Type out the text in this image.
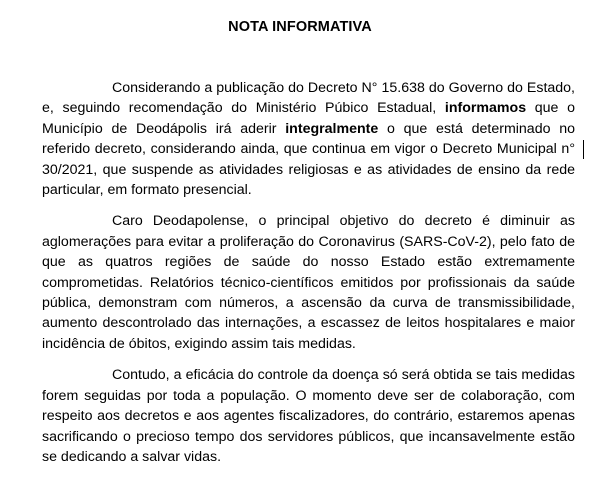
NOTA INFORMATIVA

Considerando a publicação do Decreto N° 15.638 do Governo do Estado, e, seguindo recomendação do Ministério Púbico Estadual, informamos que o Município de Deodápolis irá aderir integralmente o que está determinado no referido decreto, considerando ainda, que continua em vigor o Decreto Municipal n° 30/2021, que suspende as atividades religiosas e as atividades de ensino da rede particular, em formato presencial.

Caro Deodapolense, o principal objetivo do decreto é diminuir as aglomerações para evitar a proliferação do Coronavirus (SARS-CoV-2), pelo fato de que as quatros regiões de saúde do nosso Estado estão extremamente comprometidas. Relatórios técnico-científicos emitidos por profissionais da saúde pública, demonstram com números, a ascensão da curva de transmissibilidade, aumento descontrolado das internações, a escassez de leitos hospitalares e maior incidência de óbitos, exigindo assim tais medidas.

Contudo, a eficácia do controle da doença só será obtida se tais medidas forem seguidas por toda a população. O momento deve ser de colaboração, com respeito aos decretos e aos agentes fiscalizadores, do contrário, estaremos apenas sacrificando o precioso tempo dos servidores públicos, que incansavelmente estão se dedicando a salvar vidas.
